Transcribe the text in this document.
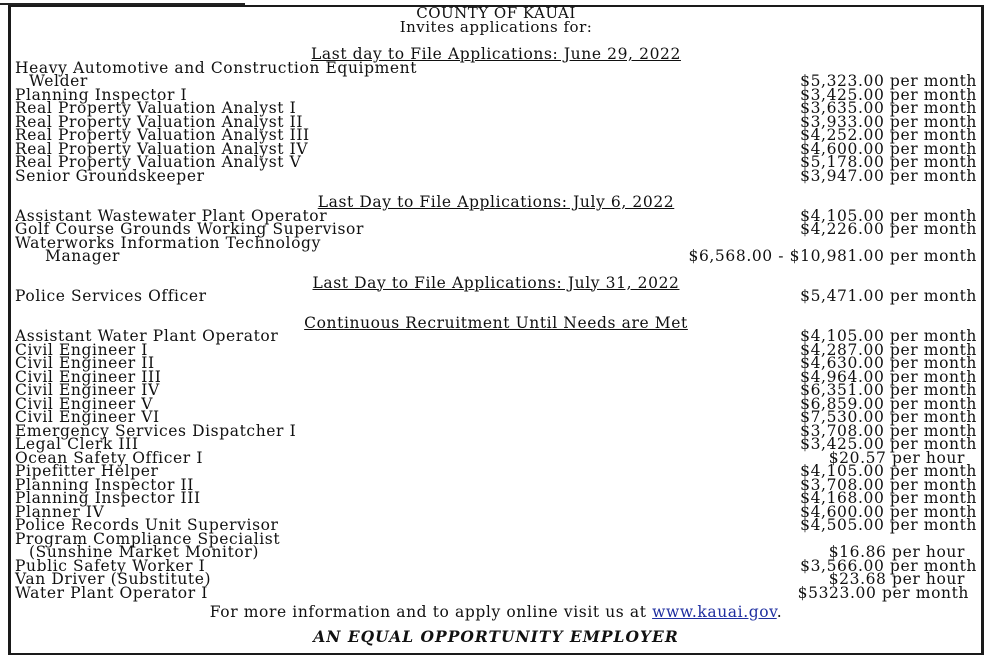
COUNTY OF KAUAI
Invites applications for:
Last day to File Applications: June 29, 2022
Heavy Automotive and Construction Equipment
Welder	$5,323.00 per month
Planning Inspector I	$3,425.00 per month
Real Property Valuation Analyst I	$3,635.00 per month
Real Property Valuation Analyst II	$3,933.00 per month
Real Property Valuation Analyst III	$4,252.00 per month
Real Property Valuation Analyst IV	$4,600.00 per month
Real Property Valuation Analyst V	$5,178.00 per month
Senior Groundskeeper	$3,947.00 per month
Last Day to File Applications: July 6, 2022
Assistant Wastewater Plant Operator	$4,105.00 per month
Golf Course Grounds Working Supervisor	$4,226.00 per month
Waterworks Information Technology
Manager	$6,568.00 - $10,981.00 per month
Last Day to File Applications: July 31, 2022
Police Services Officer	$5,471.00 per month
Continuous Recruitment Until Needs are Met
Assistant Water Plant Operator	$4,105.00 per month
Civil Engineer I	$4,287.00 per month
Civil Engineer II	$4,630.00 per month
Civil Engineer III	$4,964.00 per month
Civil Engineer IV	$6,351.00 per month
Civil Engineer V	$6,859.00 per month
Civil Engineer VI	$7,530.00 per month
Emergency Services Dispatcher I	$3,708.00 per month
Legal Clerk III	$3,425.00 per month
Ocean Safety Officer I	$20.57 per hour
Pipefitter Helper	$4,105.00 per month
Planning Inspector II	$3,708.00 per month
Planning Inspector III	$4,168.00 per month
Planner IV	$4,600.00 per month
Police Records Unit Supervisor	$4,505.00 per month
Program Compliance Specialist
(Sunshine Market Monitor)	$16.86 per hour
Public Safety Worker I	$3,566.00 per month
Van Driver (Substitute)	$23.68 per hour
Water Plant Operator I	$5323.00 per month
For more information and to apply online visit us at www.kauai.gov.
AN EQUAL OPPORTUNITY EMPLOYER
